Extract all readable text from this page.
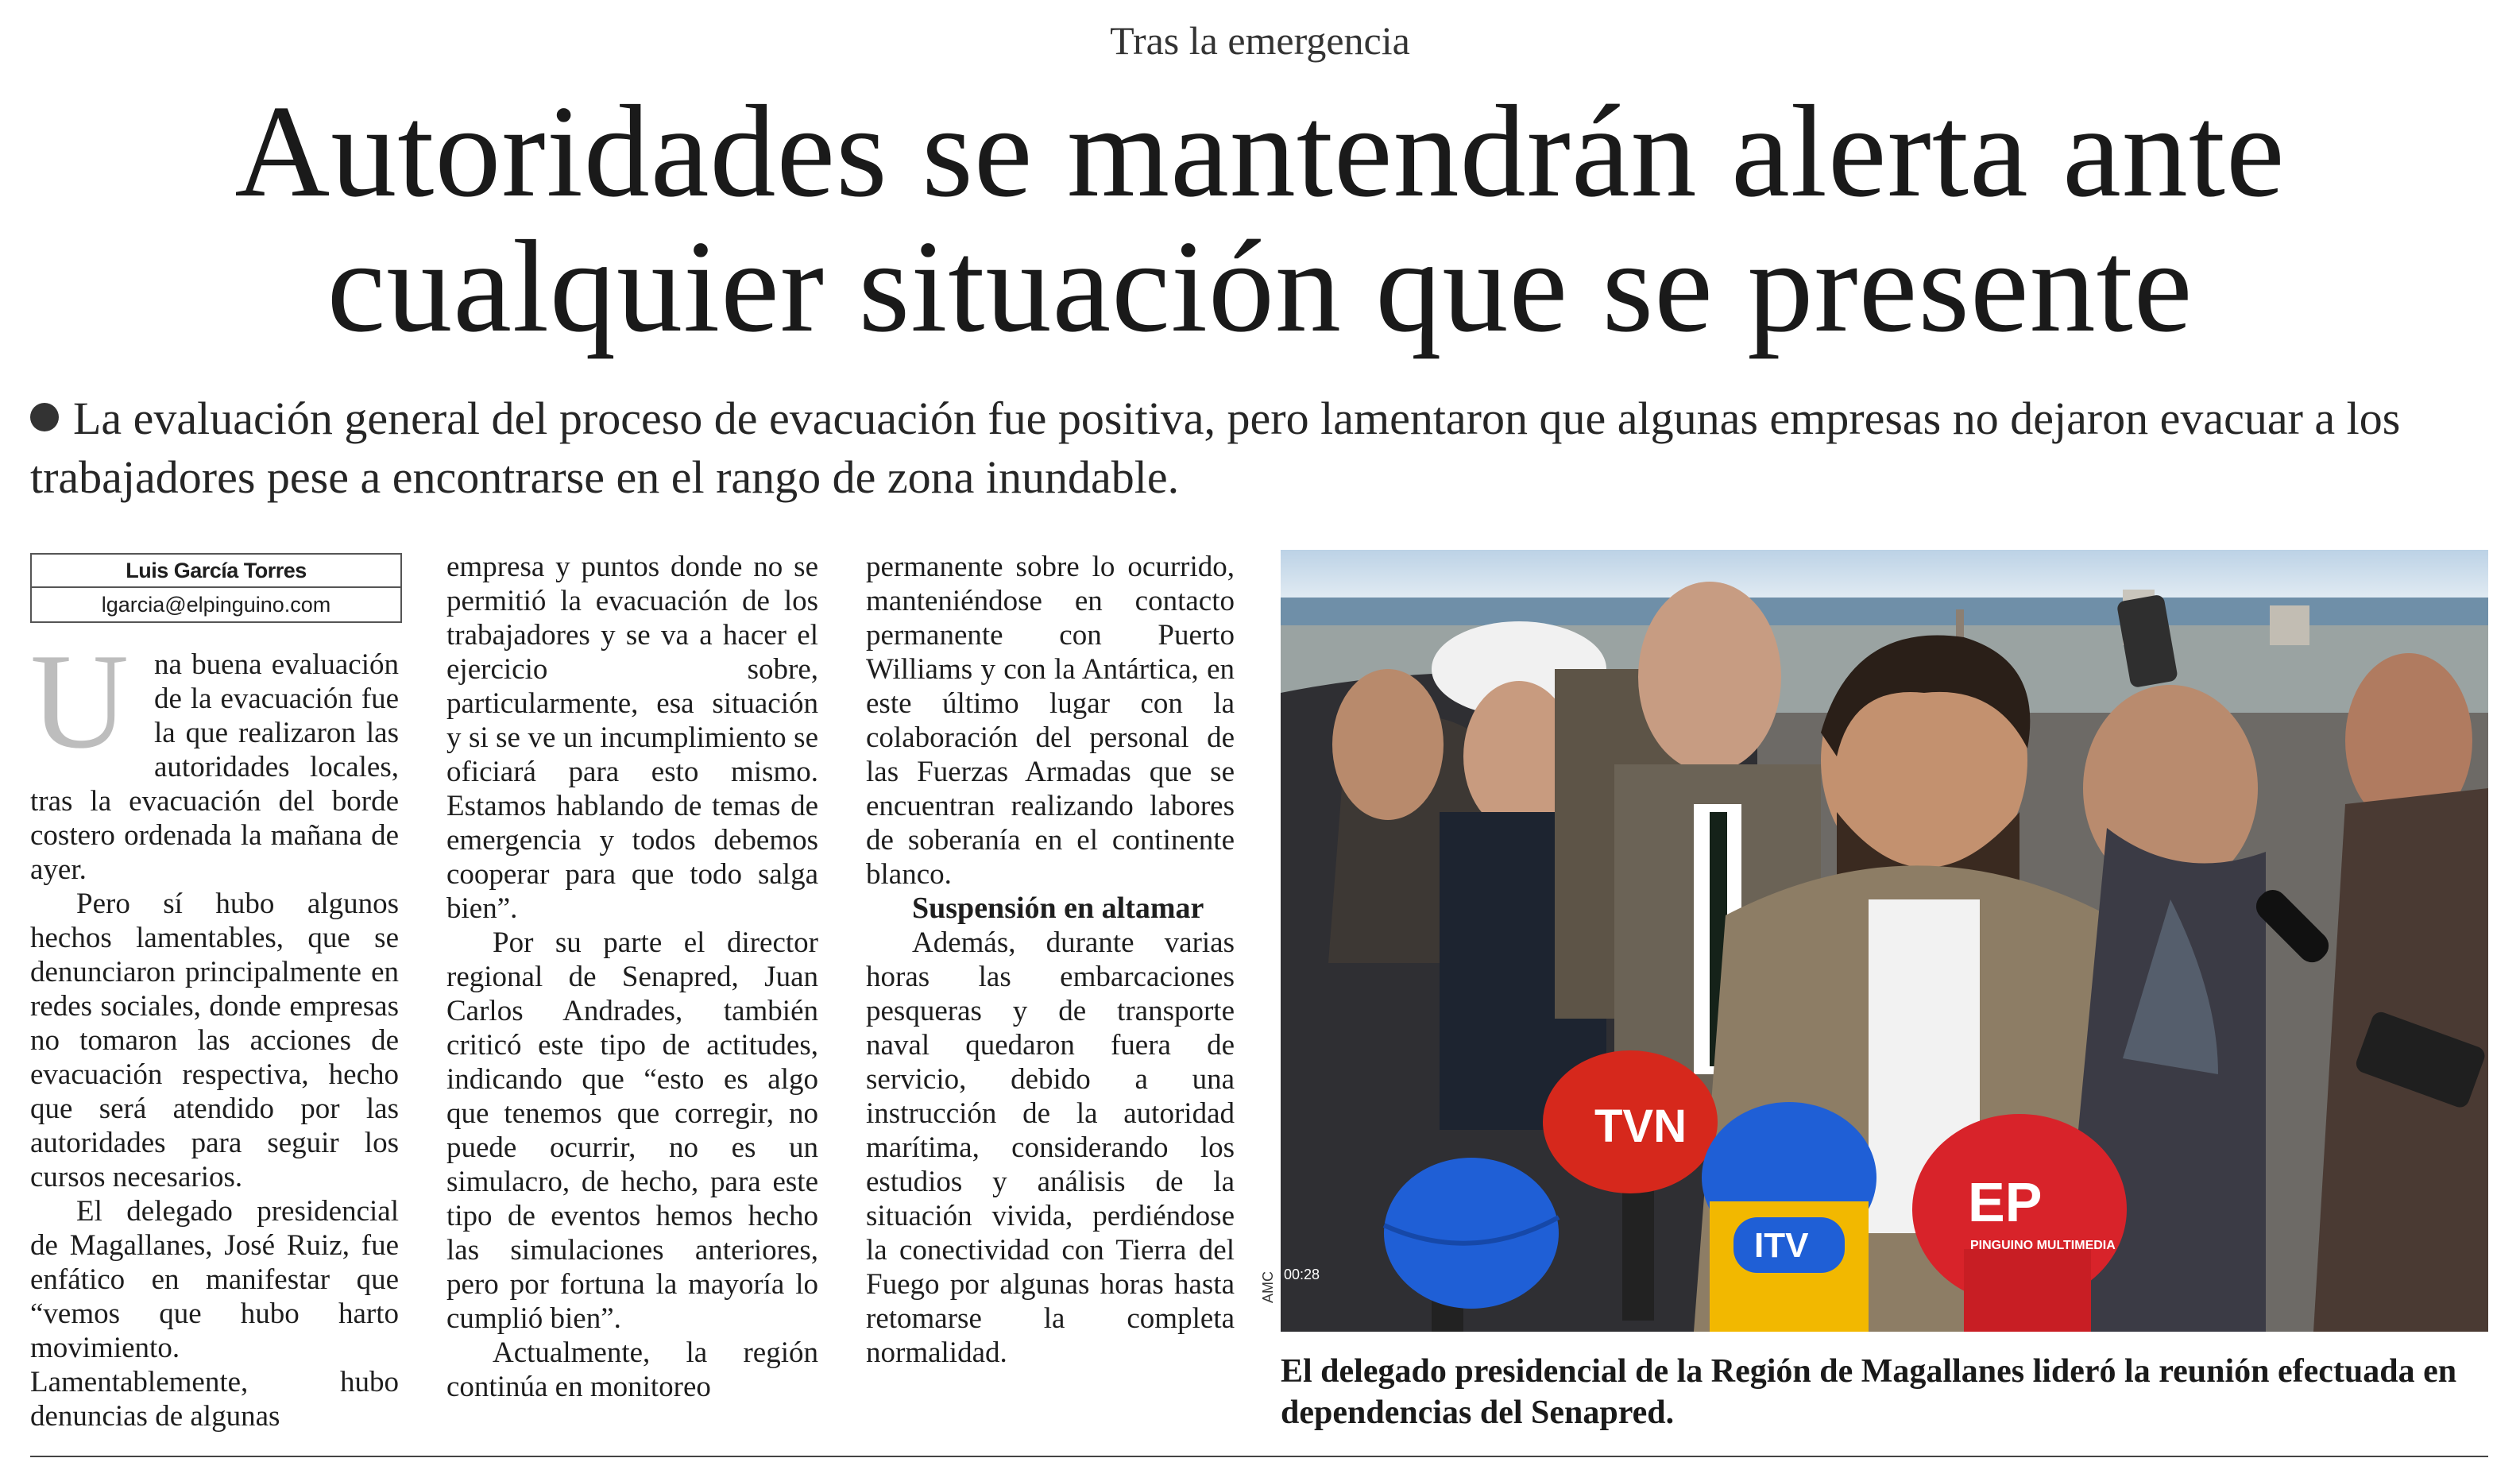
Tras la emergencia
Autoridades se mantendrán alerta ante cualquier situación que se presente
La evaluación general del proceso de evacuación fue positiva, pero lamentaron que algunas empresas no dejaron evacuar a los trabajadores pese a encontrarse en el rango de zona inundable.
Luis García Torres
lgarcia@elpinguino.com
U na buena evaluación de la evacuación fue la que realizaron las autoridades locales, tras la evacuación del borde costero ordenada la mañana de ayer.

Pero sí hubo algunos hechos lamentables, que se denunciaron principalmente en redes sociales, donde empresas no tomaron las acciones de evacuación respectiva, hecho que será atendido por las autoridades para seguir los cursos necesarios.

El delegado presidencial de Magallanes, José Ruiz, fue enfático en manifestar que “vemos que hubo harto movimiento. Lamentablemente, hubo denuncias de algunas

empresa y puntos donde no se permitió la evacuación de los trabajadores y se va a hacer el ejercicio sobre, particularmente, esa situación y si se ve un incumplimiento se oficiará para esto mismo. Estamos hablando de temas de emergencia y todos debemos cooperar para que todo salga bien”.

Por su parte el director regional de Senapred, Juan Carlos Andrades, también criticó este tipo de actitudes, indicando que “esto es algo que tenemos que corregir, no puede ocurrir, no es un simulacro, de hecho, para este tipo de eventos hemos hecho las simulaciones anteriores, pero por fortuna la mayoría lo cumplió bien”.

Actualmente, la región continúa en monitoreo

permanente sobre lo ocurrido, manteniéndose en contacto permanente con Puerto Williams y con la Antártica, en este último lugar con la colaboración del personal de las Fuerzas Armadas que se encuentran realizando labores de soberanía en el continente blanco.

Suspensión en altamar

Además, durante varias horas las embarcaciones pesqueras y de transporte naval quedaron fuera de servicio, debido a una instrucción de la autoridad marítima, considerando los estudios y análisis de la situación vivida, perdiéndose la conectividad con Tierra del Fuego por algunas horas hasta retomarse la completa normalidad.

TVN
ITV
EP
PINGUINO MULTIMEDIA
00:28
AMC
El delegado presidencial de la Región de Magallanes lideró la reunión efectuada en dependencias del Senapred.
